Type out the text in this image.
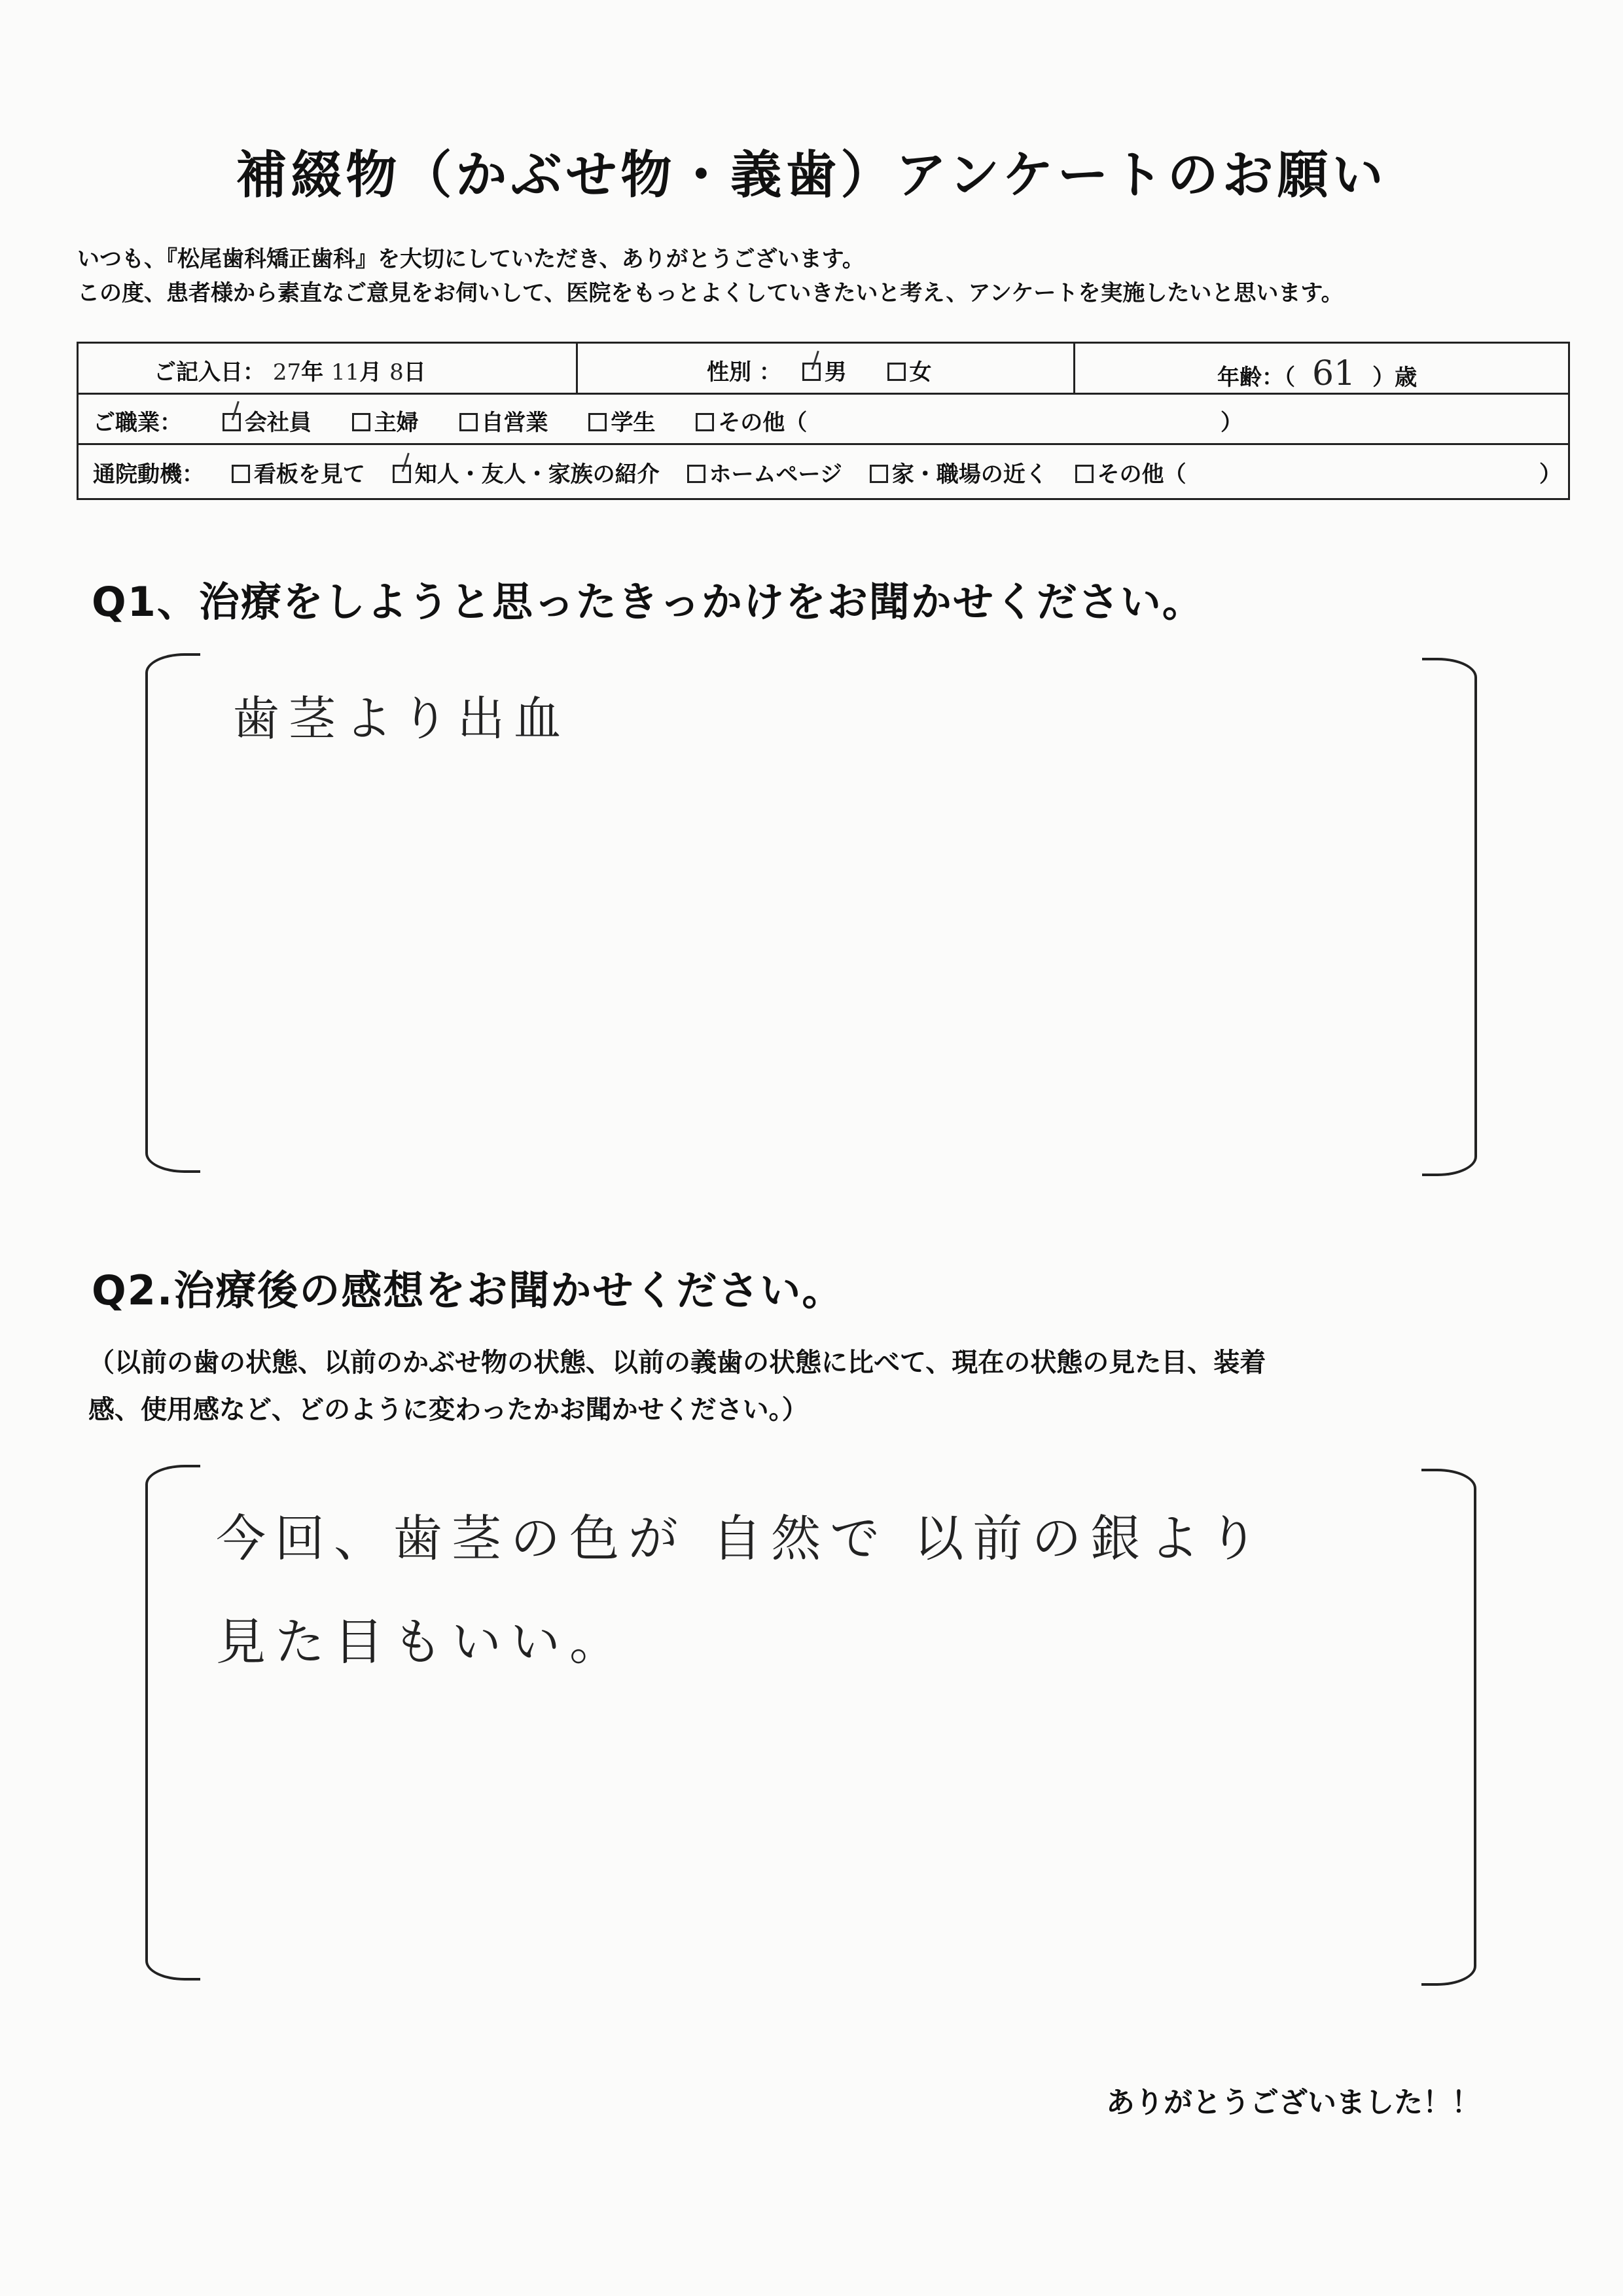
補綴物（かぶせ物・義歯）アンケートのお願い
いつも、『松尾歯科矯正歯科』を大切にしていただき、ありがとうございます。
この度、患者様から素直なご意見をお伺いして、医院をもっとよくしていきたいと考え、アンケートを実施したいと思います。
ご記入日： 27年 11月 8日	性別 ： 男	女	年齢：（ 61 ）歳
ご職業：	会社員	主婦	自営業	学生	その他（	）
通院動機： 看板を見て 知人・友人・家族の紹介 ホームページ 家・職場の近く その他（	）
Q1、治療をしようと思ったきっかけをお聞かせください。
歯茎より出血
Q2.治療後の感想をお聞かせください。
（以前の歯の状態、以前のかぶせ物の状態、以前の義歯の状態に比べて、現在の状態の見た目、装着
感、使用感など、どのように変わったかお聞かせください。）
今回、歯茎の色が 自然で 以前の銀より
見た目もいい。
ありがとうございました！！
